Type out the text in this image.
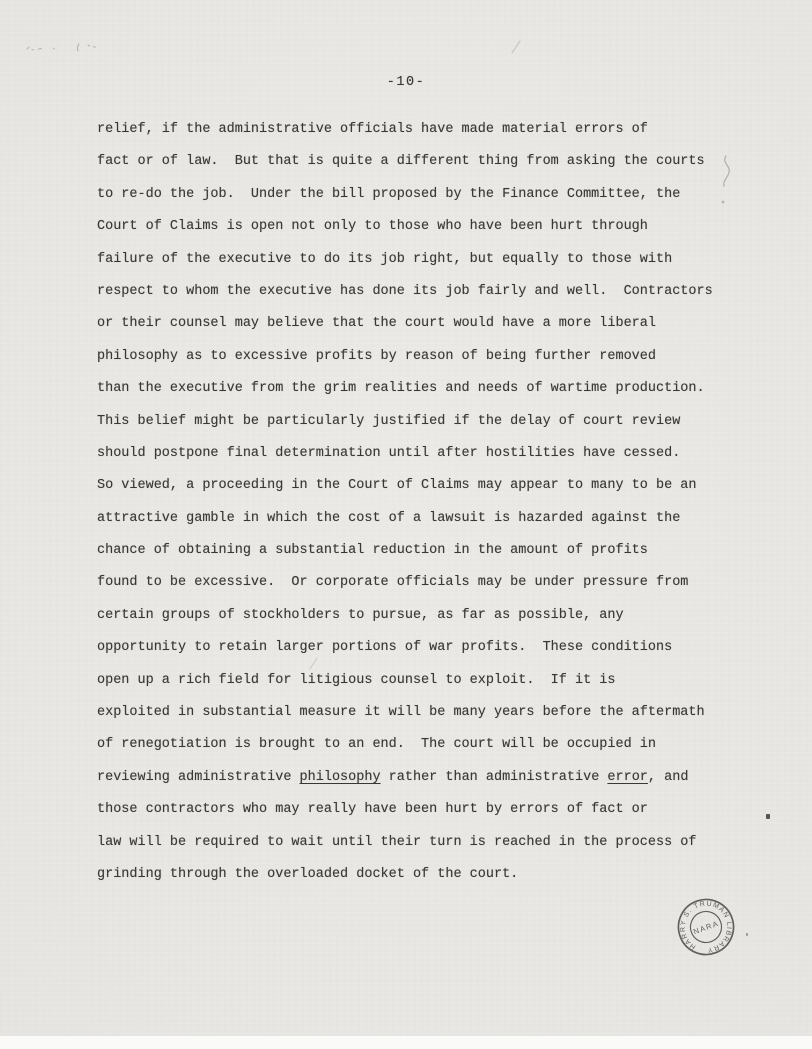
-10-
relief, if the administrative officials have made material errors of
fact or of law.  But that is quite a different thing from asking the courts
to re-do the job.  Under the bill proposed by the Finance Committee, the
Court of Claims is open not only to those who have been hurt through
failure of the executive to do its job right, but equally to those with
respect to whom the executive has done its job fairly and well.  Contractors
or their counsel may believe that the court would have a more liberal
philosophy as to excessive profits by reason of being further removed
than the executive from the grim realities and needs of wartime production.
This belief might be particularly justified if the delay of court review
should postpone final determination until after hostilities have cessed.
So viewed, a proceeding in the Court of Claims may appear to many to be an
attractive gamble in which the cost of a lawsuit is hazarded against the
chance of obtaining a substantial reduction in the amount of profits
found to be excessive.  Or corporate officials may be under pressure from
certain groups of stockholders to pursue, as far as possible, any
opportunity to retain larger portions of war profits.  These conditions
open up a rich field for litigious counsel to exploit.  If it is
exploited in substantial measure it will be many years before the aftermath
of renegotiation is brought to an end.  The court will be occupied in
reviewing administrative philosophy rather than administrative error, and
those contractors who may really have been hurt by errors of fact or
law will be required to wait until their turn is reached in the process of
grinding through the overloaded docket of the court.
HARRY S. TRUMAN LIBRARY
NARA
